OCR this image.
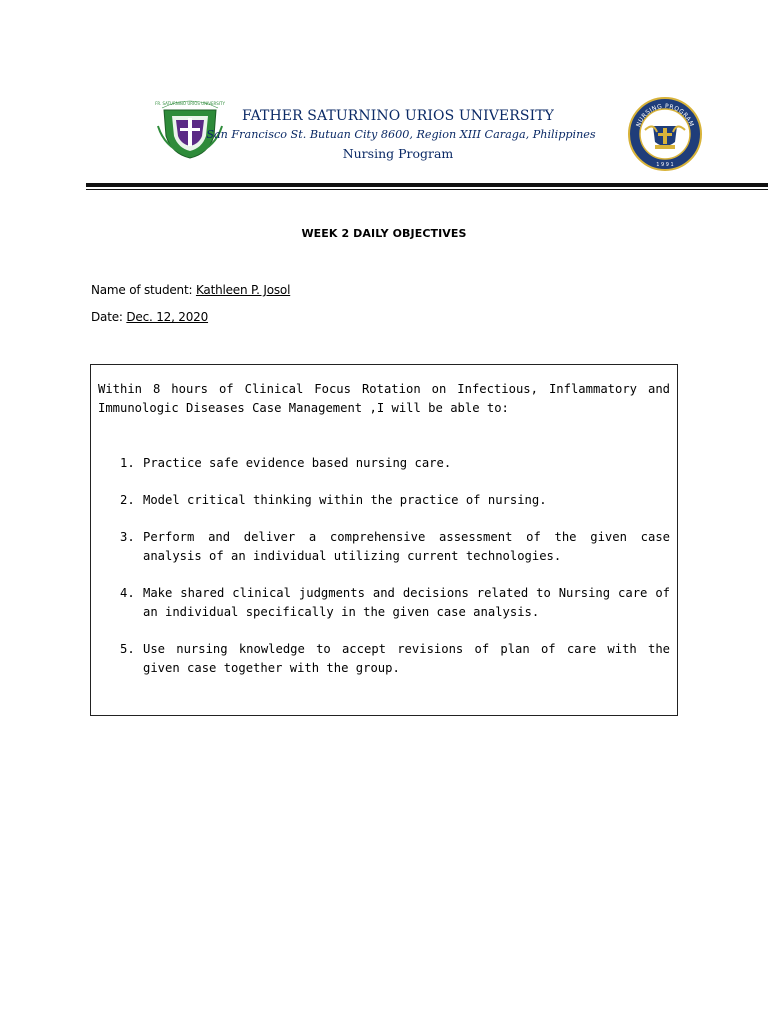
FR. SATURNINO URIOS UNIVERSITY
FATHER SATURNINO URIOS UNIVERSITY
San Francisco St. Butuan City 8600, Region XIII Caraga, Philippines
Nursing Program
NURSING PROGRAM
1 9 9 1
WEEK 2 DAILY OBJECTIVES
Name of student: Kathleen P. Josol
Date: Dec. 12, 2020
Within 8 hours of Clinical Focus Rotation on Infectious, Inflammatory and Immunologic Diseases Case Management ,I will be able to:
1. Practice safe evidence based nursing care.
2. Model critical thinking within the practice of nursing.
3. Perform and deliver a comprehensive assessment of the given case analysis of an individual utilizing current technologies.
4. Make shared clinical judgments and decisions related to Nursing care of an individual specifically in the given case analysis.
5. Use nursing knowledge to accept revisions of plan of care with the given case together with the group.
